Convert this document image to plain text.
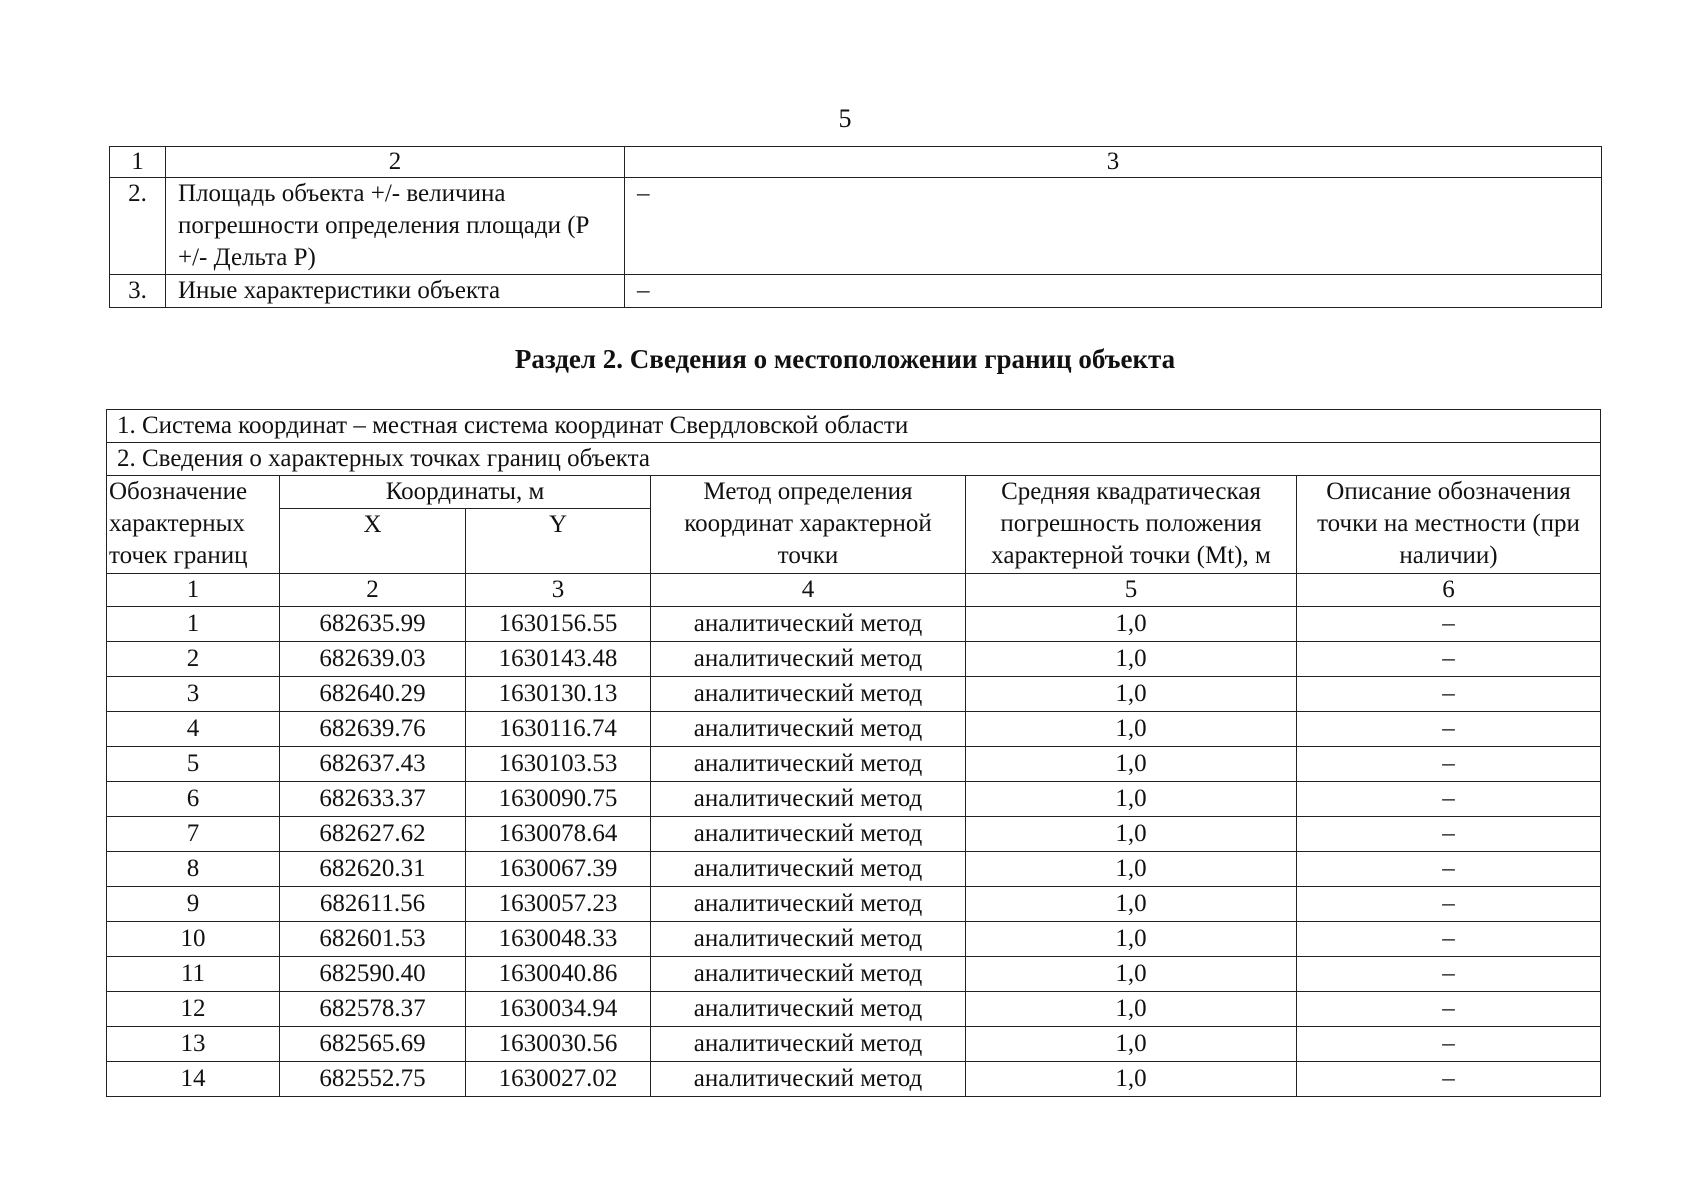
5
1	2	3
2.	Площадь объекта +/- величина погрешности определения площади (Р +/- Дельта Р)	–
3.	Иные характеристики объекта	–
Раздел 2. Сведения о местоположении границ объекта
1. Система координат – местная система координат Свердловской области					
2. Сведения о характерных точках границ объекта					
Обозначение характерных точек границ	Координаты, м		Метод определения координат характерной точки	Средняя квадратическая погрешность положения характерной точки (Mt), м	Описание обозначения точки на местности (при наличии)
	X	Y			
1	2	3	4	5	6
1	682635.99	1630156.55	аналитический метод	1,0	–
2	682639.03	1630143.48	аналитический метод	1,0	–
3	682640.29	1630130.13	аналитический метод	1,0	–
4	682639.76	1630116.74	аналитический метод	1,0	–
5	682637.43	1630103.53	аналитический метод	1,0	–
6	682633.37	1630090.75	аналитический метод	1,0	–
7	682627.62	1630078.64	аналитический метод	1,0	–
8	682620.31	1630067.39	аналитический метод	1,0	–
9	682611.56	1630057.23	аналитический метод	1,0	–
10	682601.53	1630048.33	аналитический метод	1,0	–
11	682590.40	1630040.86	аналитический метод	1,0	–
12	682578.37	1630034.94	аналитический метод	1,0	–
13	682565.69	1630030.56	аналитический метод	1,0	–
14	682552.75	1630027.02	аналитический метод	1,0	–
